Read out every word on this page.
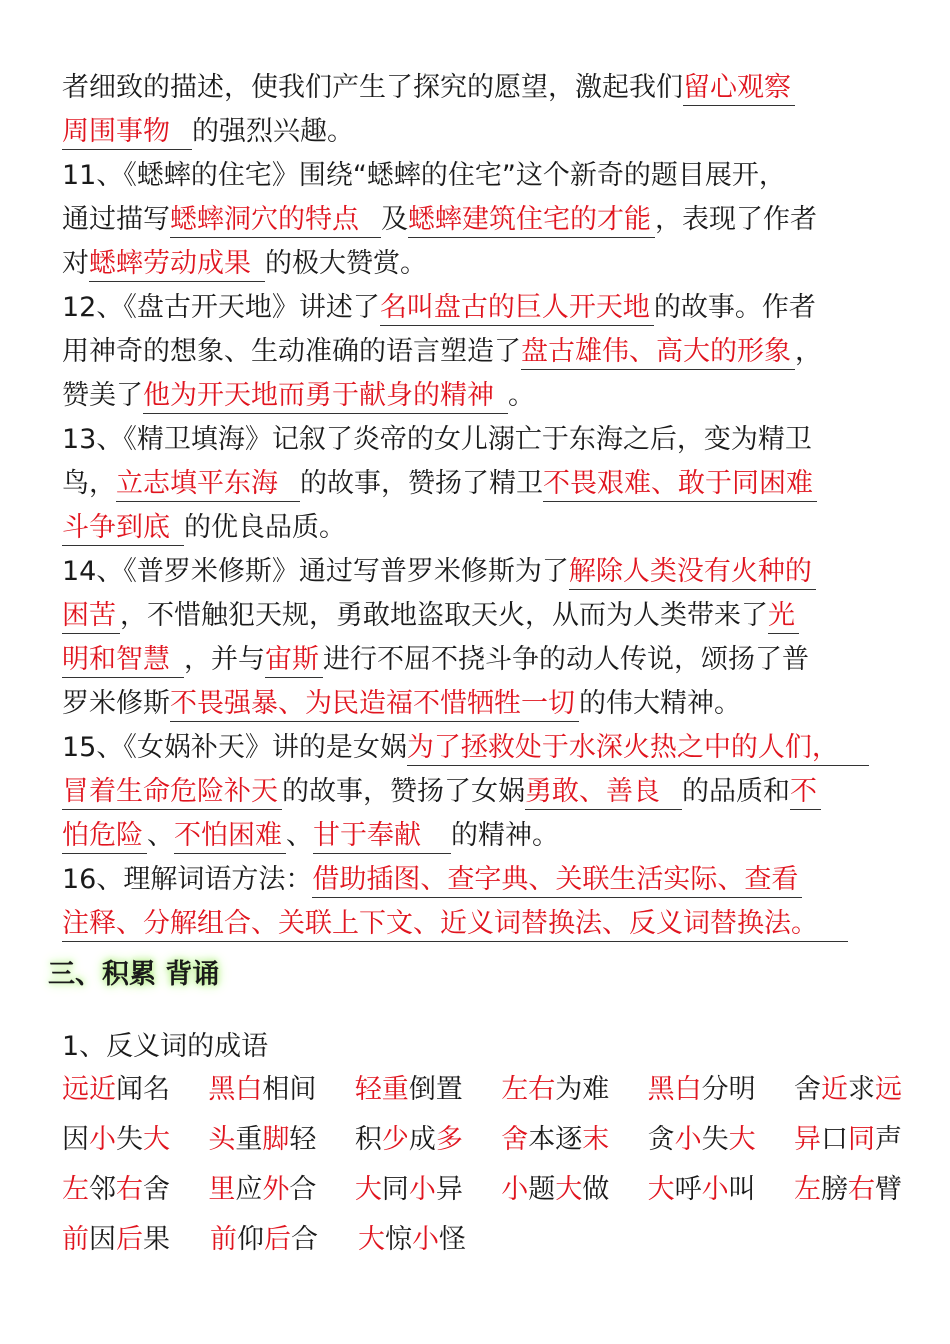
者细致的描述，使我们产生了探究的愿望，激起我们留心观察
周围事物 的强烈兴趣。
11、《蟋蟀的住宅》围绕“蟋蟀的住宅”这个新奇的题目展开，
通过描写蟋蟀洞穴的特点 及蟋蟀建筑住宅的才能 ，表现了作者
对蟋蟀劳动成果 的极大赞赏。
12、《盘古开天地》讲述了名叫盘古的巨人开天地 的故事。作者
用神奇的想象、生动准确的语言塑造了盘古雄伟、高大的形象 ，
赞美了他为开天地而勇于献身的精神 。
13、《精卫填海》记叙了炎帝的女儿溺亡于东海之后，变为精卫
鸟，立志填平东海 的故事，赞扬了精卫不畏艰难、敢于同困难
斗争到底 的优良品质。
14、《普罗米修斯》通过写普罗米修斯为了解除人类没有火种的
困苦 ，不惜触犯天规，勇敢地盗取天火，从而为人类带来了光
明和智慧 ，并与宙斯 进行不屈不挠斗争的动人传说，颂扬了普
罗米修斯不畏强暴、为民造福不惜牺牲一切 的伟大精神。
15、《女娲补天》讲的是女娲为了拯救处于水深火热之中的人们，
冒着生命危险补天 的故事，赞扬了女娲勇敢、善良 的品质和不
怕危险 、不怕困难 、甘于奉献 的精神。
16、理解词语方法：借助插图、查字典、关联生活实际、查看
注释、分解组合、关联上下文、近义词替换法、反义词替换法。
三、积累 背诵
1、反义词的成语
远近闻名	黑白相间	轻重倒置	左右为难	黑白分明	舍近求远
因小失大	头重脚轻	积少成多	舍本逐末	贪小失大	异口同声
左邻右舍	里应外合	大同小异	小题大做	大呼小叫	左膀右臂
前因后果	前仰后合	大惊小怪
